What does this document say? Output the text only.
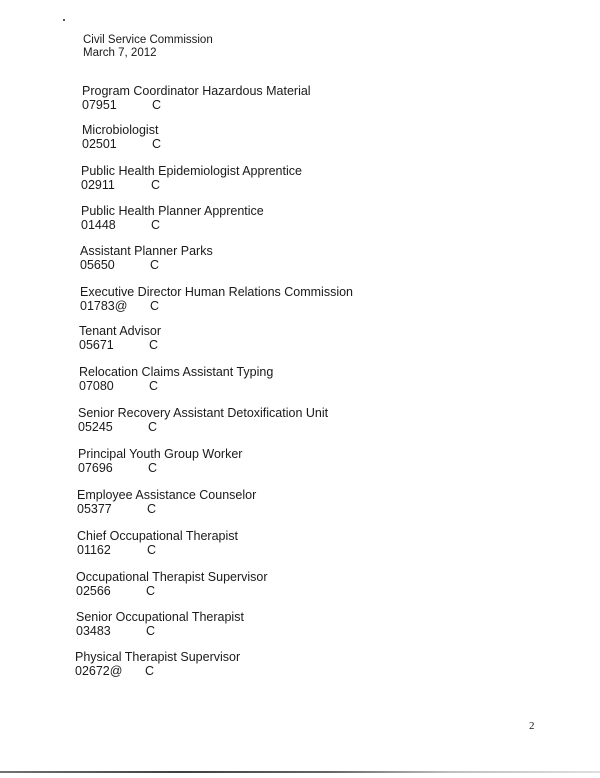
Civil Service Commission
March 7, 2012
Program Coordinator Hazardous Material
07951	C
Microbiologist
02501	C
Public Health Epidemiologist Apprentice
02911	C
Public Health Planner Apprentice
01448	C
Assistant Planner Parks
05650	C
Executive Director Human Relations Commission
01783@	C
Tenant Advisor
05671	C
Relocation Claims Assistant Typing
07080	C
Senior Recovery Assistant Detoxification Unit
05245	C
Principal Youth Group Worker
07696	C
Employee Assistance Counselor
05377	C
Chief Occupational Therapist
01162	C
Occupational Therapist Supervisor
02566	C
Senior Occupational Therapist
03483	C
Physical Therapist Supervisor
02672@	C
2
